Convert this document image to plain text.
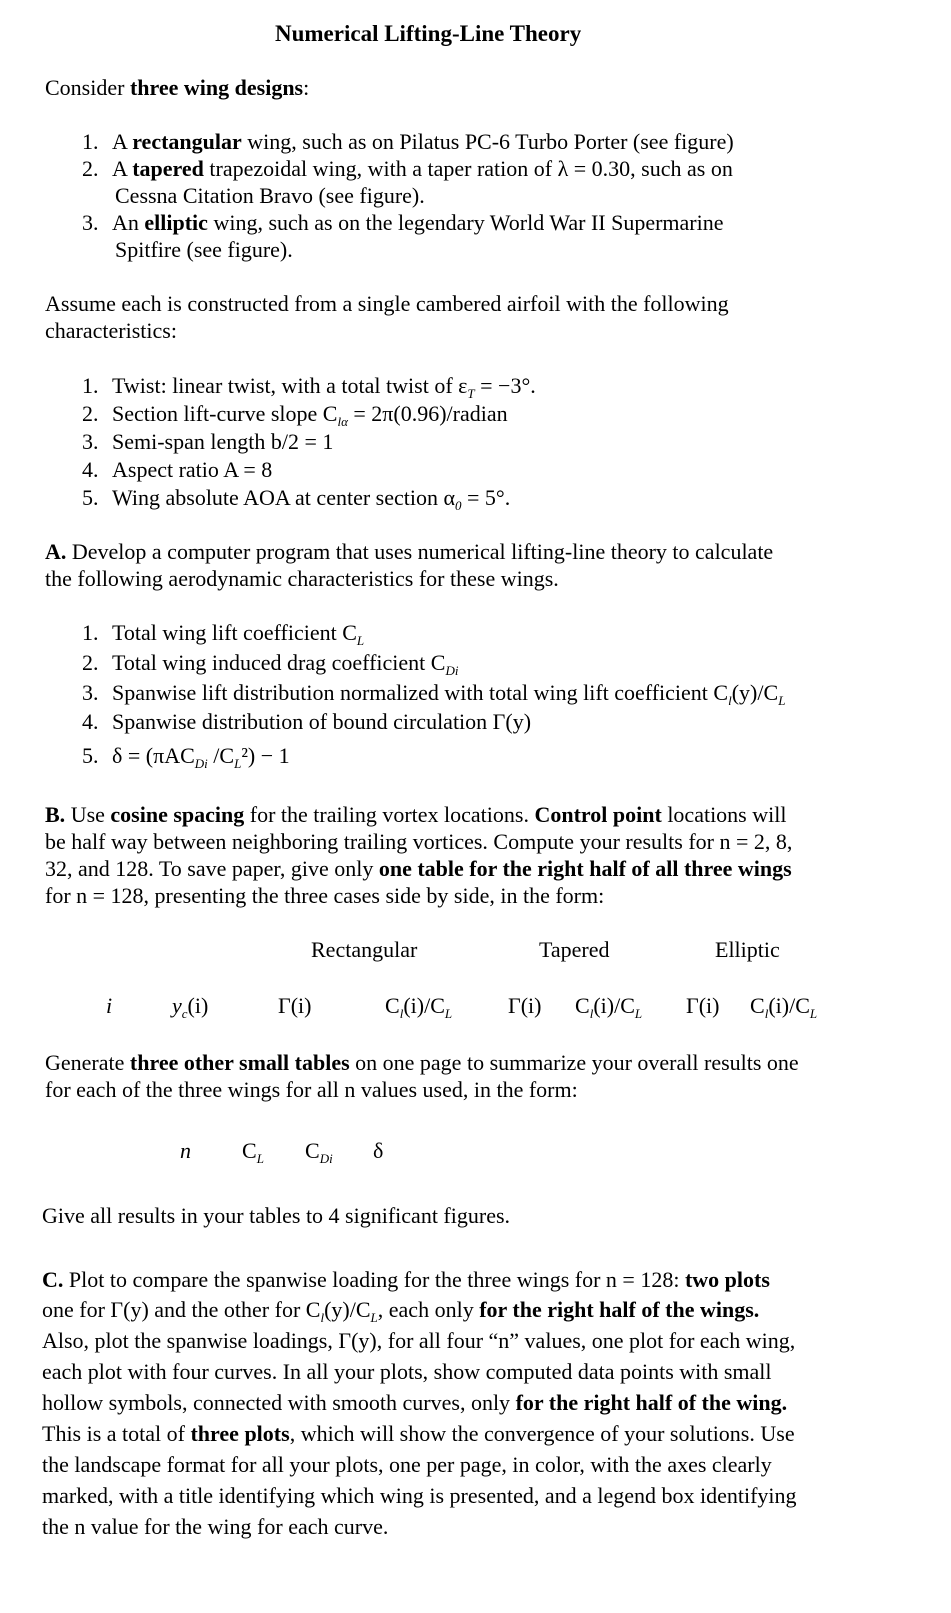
Numerical Lifting-Line Theory
Consider three wing designs:
1. A rectangular wing, such as on Pilatus PC-6 Turbo Porter (see figure)
2. A tapered trapezoidal wing, with a taper ration of λ = 0.30, such as on
Cessna Citation Bravo (see figure).
3. An elliptic wing, such as on the legendary World War II Supermarine
Spitfire (see figure).
Assume each is constructed from a single cambered airfoil with the following
characteristics:
1. Twist: linear twist, with a total twist of $\varepsilon_T = -3^\circ$.
2. Section lift-curve slope $C_{l\alpha}$ = 2π(0.96)/radian
3. Semi-span length b/2 = 1
4. Aspect ratio A = 8
5. Wing absolute AOA at center section $\alpha_0 = 5^\circ$.
A. Develop a computer program that uses numerical lifting-line theory to calculate
the following aerodynamic characteristics for these wings.
1. Total wing lift coefficient $C_L$
2. Total wing induced drag coefficient $C_{Di}$
3. Spanwise lift distribution normalized with total wing lift coefficient $C_l(y)/C_L$
4. Spanwise distribution of bound circulation Γ(y)
5. δ = (πAC$_{Di}$ $/C_L^2) - 1$
B. Use cosine spacing for the trailing vortex locations. Control point locations will
be half way between neighboring trailing vortices. Compute your results for n = 2, 8,
32, and 128. To save paper, give only one table for the right half of all three wings
for n = 128, presenting the three cases side by side, in the form:
Rectangular	Tapered	Elliptic
i	$y_c(i)$	Γ(i)	$C_l(i)/C_L$	Γ(i) $C_l(i)/C_L$ Γ(i) $C_l(i)/C_L$
Generate three other small tables on one page to summarize your overall results one
for each of the three wings for all n values used, in the form:
n $C_L$ $C_{Di}$ δ
Give all results in your tables to 4 significant figures.
C. Plot to compare the spanwise loading for the three wings for n = 128: two plots
one for Γ(y) and the other for $C_l(y)/C_L$, each only for the right half of the wings.
Also, plot the spanwise loadings, Γ(y), for all four “n” values, one plot for each wing,
each plot with four curves. In all your plots, show computed data points with small
hollow symbols, connected with smooth curves, only for the right half of the wing.
This is a total of three plots, which will show the convergence of your solutions. Use
the landscape format for all your plots, one per page, in color, with the axes clearly
marked, with a title identifying which wing is presented, and a legend box identifying
the n value for the wing for each curve.
